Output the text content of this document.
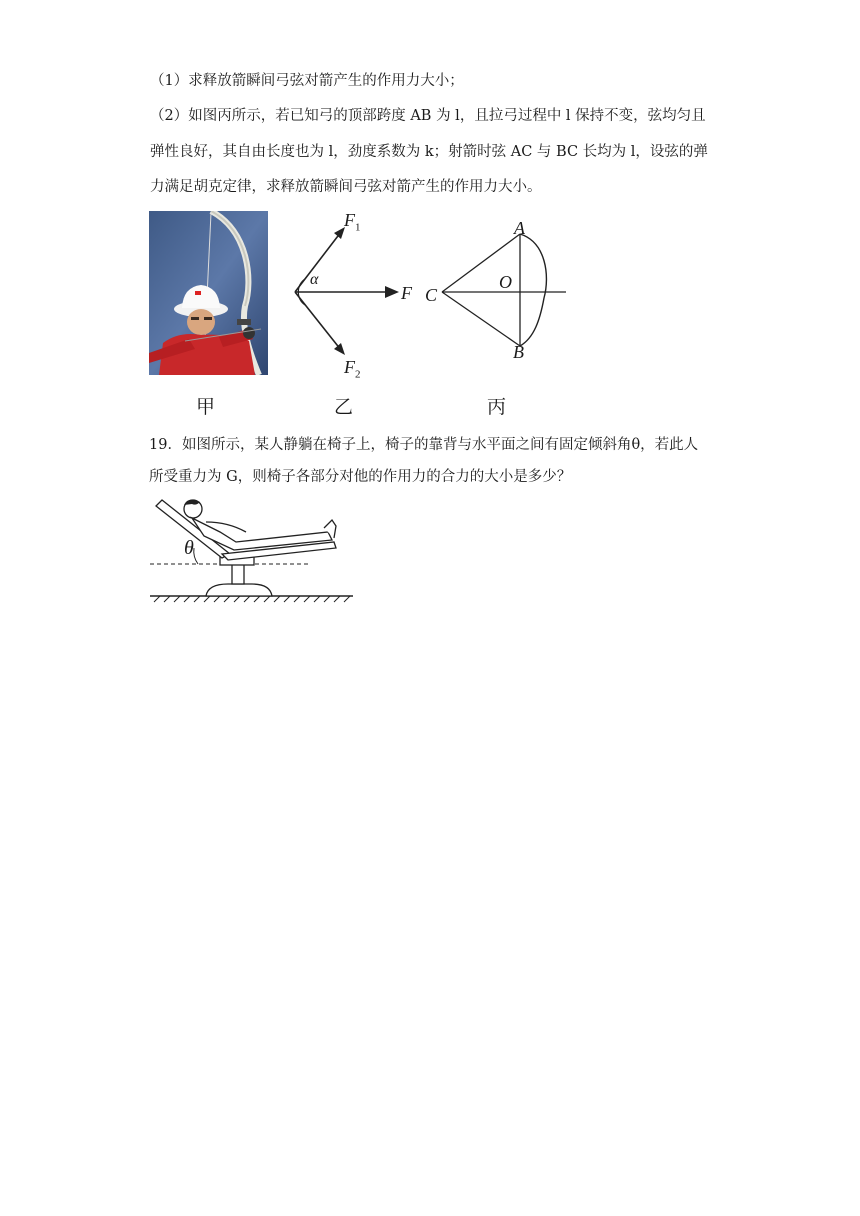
（1）求释放箭瞬间弓弦对箭产生的作用力大小；
（2）如图丙所示，若已知弓的顶部跨度 AB 为 l，且拉弓过程中 l 保持不变，弦均匀且
弹性良好，其自由长度也为 l，劲度系数为 k；射箭时弦 AC 与 BC 长均为 l，设弦的弹
力满足胡克定律，求释放箭瞬间弓弦对箭产生的作用力大小。
甲
$F_1$
α
F
$F_2$
乙
A
O
C
B
丙
19．如图所示，某人静躺在椅子上，椅子的靠背与水平面之间有固定倾斜角θ，若此人
所受重力为 G，则椅子各部分对他的作用力的合力的大小是多少？
θ
